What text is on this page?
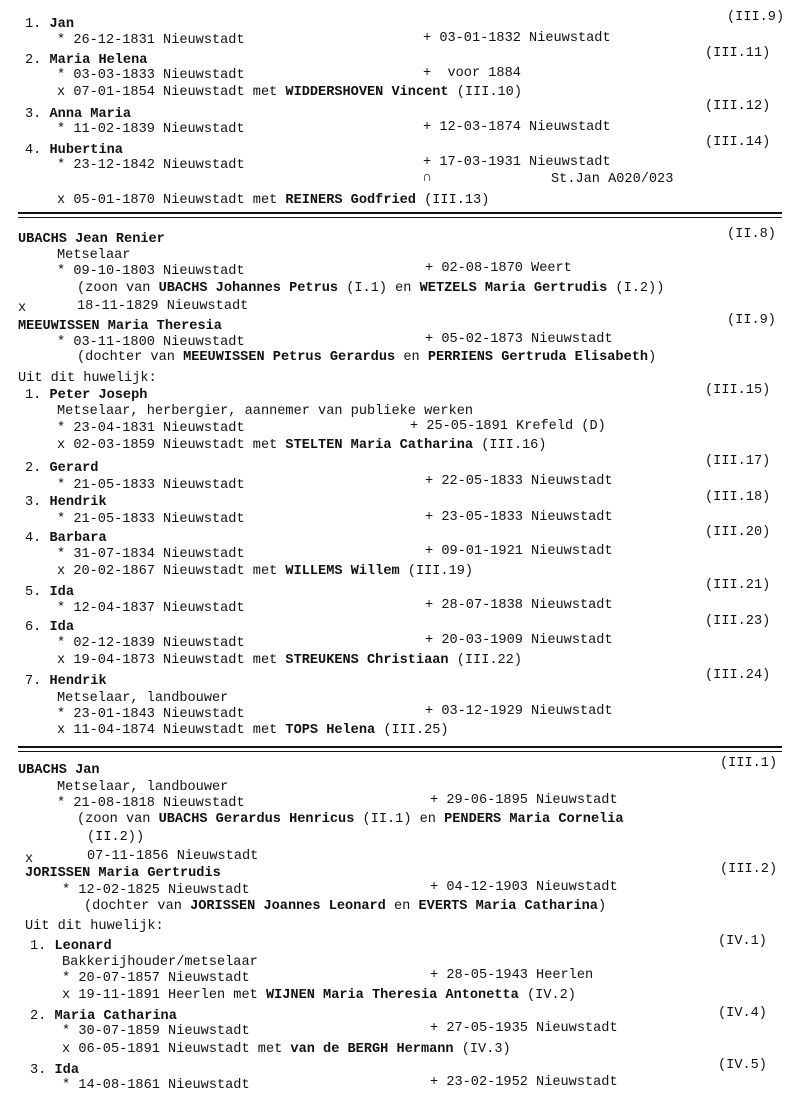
(III.9)
1. Jan
* 26-12-1831 Nieuwstadt	+ 03-01-1832 Nieuwstadt
(III.11)
2. Maria Helena
* 03-03-1833 Nieuwstadt	+  voor 1884
x 07-01-1854 Nieuwstadt met WIDDERSHOVEN Vincent (III.10)
(III.12)
3. Anna Maria
* 11-02-1839 Nieuwstadt	+ 12-03-1874 Nieuwstadt
(III.14)
4. Hubertina
* 23-12-1842 Nieuwstadt	+ 17-03-1931 Nieuwstadt
∩	St.Jan A020/023
x 05-01-1870 Nieuwstadt met REINERS Godfried (III.13)
(II.8)
UBACHS Jean Renier
Metselaar
* 09-10-1803 Nieuwstadt	+ 02-08-1870 Weert
(zoon van UBACHS Johannes Petrus (I.1) en WETZELS Maria Gertrudis (I.2))
x	18-11-1829 Nieuwstadt
(II.9)
MEEUWISSEN Maria Theresia
* 03-11-1800 Nieuwstadt	+ 05-02-1873 Nieuwstadt
(dochter van MEEUWISSEN Petrus Gerardus en PERRIENS Gertruda Elisabeth)
Uit dit huwelijk:
(III.15)
1. Peter Joseph
Metselaar, herbergier, aannemer van publieke werken
* 23-04-1831 Nieuwstadt	+ 25-05-1891 Krefeld (D)
x 02-03-1859 Nieuwstadt met STELTEN Maria Catharina (III.16)
(III.17)
2. Gerard
* 21-05-1833 Nieuwstadt	+ 22-05-1833 Nieuwstadt
(III.18)
3. Hendrik
* 21-05-1833 Nieuwstadt	+ 23-05-1833 Nieuwstadt
(III.20)
4. Barbara
* 31-07-1834 Nieuwstadt	+ 09-01-1921 Nieuwstadt
x 20-02-1867 Nieuwstadt met WILLEMS Willem (III.19)
(III.21)
5. Ida
* 12-04-1837 Nieuwstadt	+ 28-07-1838 Nieuwstadt
(III.23)
6. Ida
* 02-12-1839 Nieuwstadt	+ 20-03-1909 Nieuwstadt
x 19-04-1873 Nieuwstadt met STREUKENS Christiaan (III.22)
(III.24)
7. Hendrik
Metselaar, landbouwer
* 23-01-1843 Nieuwstadt	+ 03-12-1929 Nieuwstadt
x 11-04-1874 Nieuwstadt met TOPS Helena (III.25)
(III.1)
UBACHS Jan
Metselaar, landbouwer
* 21-08-1818 Nieuwstadt	+ 29-06-1895 Nieuwstadt
(zoon van UBACHS Gerardus Henricus (II.1) en PENDERS Maria Cornelia
(II.2))
x	07-11-1856 Nieuwstadt
(III.2)
JORISSEN Maria Gertrudis
* 12-02-1825 Nieuwstadt	+ 04-12-1903 Nieuwstadt
(dochter van JORISSEN Joannes Leonard en EVERTS Maria Catharina)
Uit dit huwelijk:
(IV.1)
1. Leonard
Bakkerijhouder/metselaar
* 20-07-1857 Nieuwstadt	+ 28-05-1943 Heerlen
x 19-11-1891 Heerlen met WIJNEN Maria Theresia Antonetta (IV.2)
(IV.4)
2. Maria Catharina
* 30-07-1859 Nieuwstadt	+ 27-05-1935 Nieuwstadt
x 06-05-1891 Nieuwstadt met van de BERGH Hermann (IV.3)
(IV.5)
3. Ida
* 14-08-1861 Nieuwstadt	+ 23-02-1952 Nieuwstadt
